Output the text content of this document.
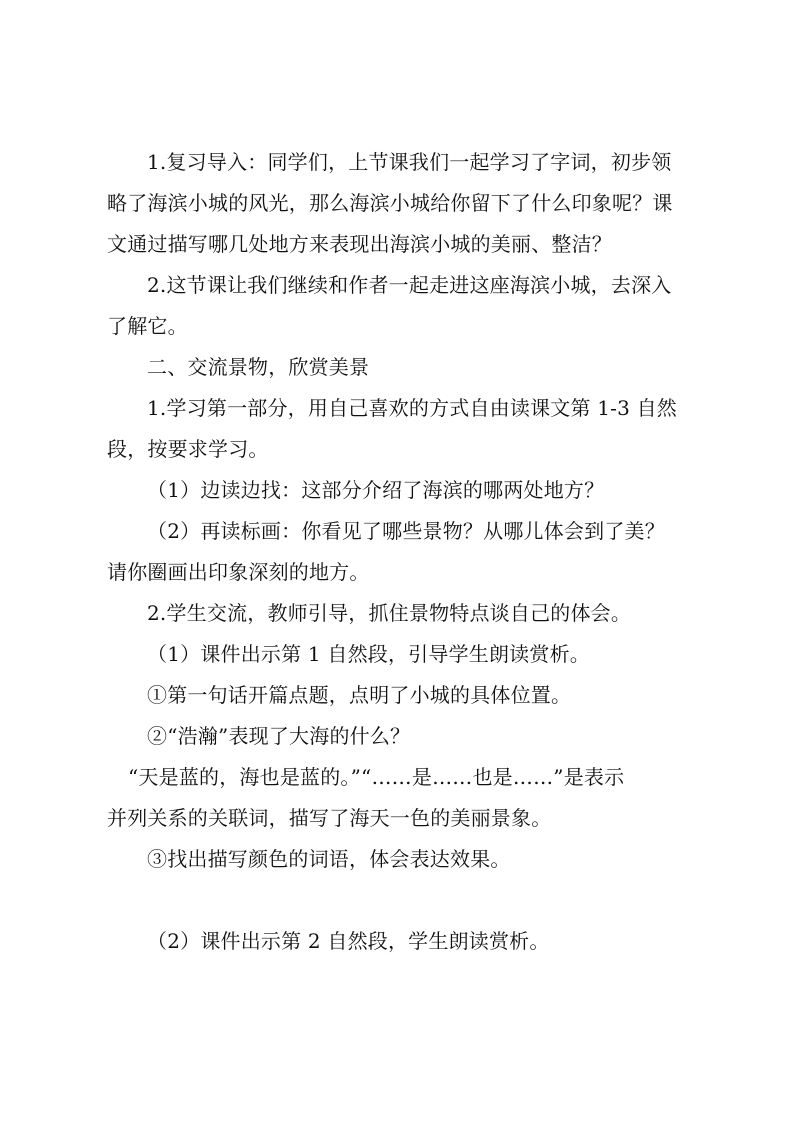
1.复习导入：同学们，上节课我们一起学习了字词，初步领
略了海滨小城的风光，那么海滨小城给你留下了什么印象呢？课
文通过描写哪几处地方来表现出海滨小城的美丽、整洁？
2.这节课让我们继续和作者一起走进这座海滨小城，去深入
了解它。
二、交流景物，欣赏美景
1.学习第一部分，用自己喜欢的方式自由读课文第 1-3 自然
段，按要求学习。
（1）边读边找：这部分介绍了海滨的哪两处地方？
（2）再读标画：你看见了哪些景物？从哪儿体会到了美？
请你圈画出印象深刻的地方。
2.学生交流，教师引导，抓住景物特点谈自己的体会。
（1）课件出示第 1 自然段，引导学生朗读赏析。
①第一句话开篇点题，点明了小城的具体位置。
②“浩瀚”表现了大海的什么？
“天是蓝的，海也是蓝的。”“……是……也是……”是表示
并列关系的关联词，描写了海天一色的美丽景象。
③找出描写颜色的词语，体会表达效果。
（2）课件出示第 2 自然段，学生朗读赏析。
